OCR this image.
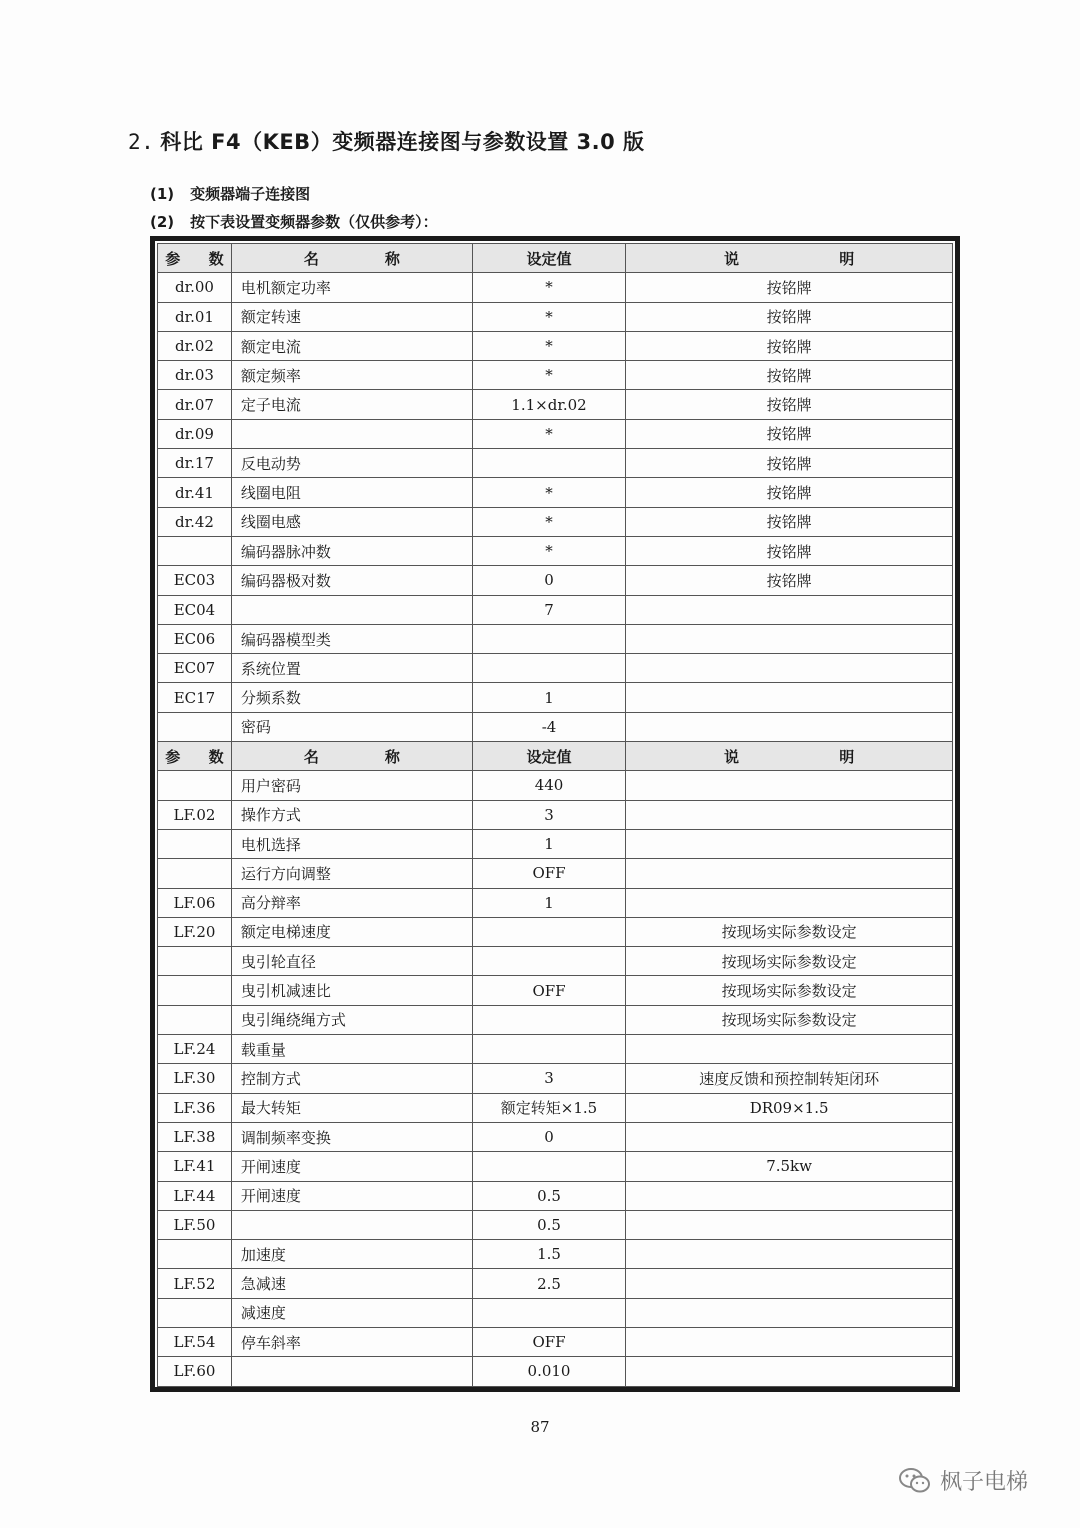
2. 科比 F4（KEB）变频器连接图与参数设置 3.0 版
(1) 变频器端子连接图
(2) 按下表设置变频器参数（仅供参考）：
参 数	名 称	设定值	说 明

dr.00	电机额定功率	*	按铭牌
dr.01	额定转速	*	按铭牌
dr.02	额定电流	*	按铭牌
dr.03	额定频率	*	按铭牌
dr.07	定子电流	1.1×dr.02	按铭牌
dr.09		*	按铭牌
dr.17	反电动势		按铭牌
dr.41	线圈电阻	*	按铭牌
dr.42	线圈电感	*	按铭牌
	编码器脉冲数	*	按铭牌
EC03	编码器极对数	0	按铭牌
EC04		7	
EC06	编码器模型类		
EC07	系统位置		
EC17	分频系数	1	
	密码	-4	

参 数	名 称	设定值	说 明

	用户密码	440	
LF.02	操作方式	3	
	电机选择	1	
	运行方向调整	OFF	
LF.06	高分辩率	1	
LF.20	额定电梯速度		按现场实际参数设定
	曳引轮直径		按现场实际参数设定
	曳引机减速比	OFF	按现场实际参数设定
	曳引绳绕绳方式		按现场实际参数设定
LF.24	载重量		
LF.30	控制方式	3	速度反馈和预控制转矩闭环
LF.36	最大转矩	额定转矩×1.5	DR09×1.5
LF.38	调制频率变换	0	
LF.41	开闸速度		7.5kw
LF.44	开闸速度	0.5	
LF.50		0.5	
	加速度	1.5	
LF.52	急减速	2.5	
	减速度		
LF.54	停车斜率	OFF	
LF.60		0.010	
87
枫子电梯
